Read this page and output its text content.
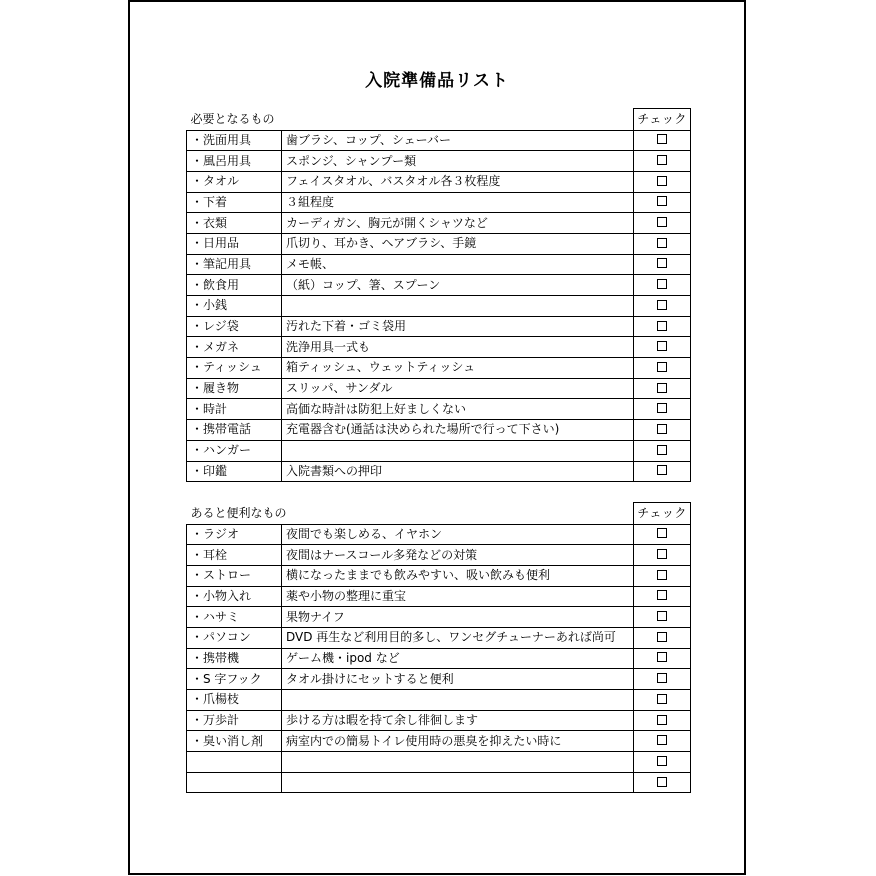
入院準備品リスト
必要となるもの		チェック
・洗面用具	歯ブラシ、コップ、シェーバー	
・風呂用具	スポンジ、シャンプー類	
・タオル	フェイスタオル、バスタオル各３枚程度	
・下着	３組程度	
・衣類	カーディガン、胸元が開くシャツなど	
・日用品	爪切り、耳かき、ヘアブラシ、手鏡	
・筆記用具	メモ帳、	
・飲食用	（紙）コップ、箸、スプーン	
・小銭		
・レジ袋	汚れた下着・ゴミ袋用	
・メガネ	洗浄用具一式も	
・ティッシュ	箱ティッシュ、ウェットティッシュ	
・履き物	スリッパ、サンダル	
・時計	高価な時計は防犯上好ましくない	
・携帯電話	充電器含む(通話は決められた場所で行って下さい)	
・ハンガー		
・印鑑	入院書類への押印	
あると便利なもの		チェック
・ラジオ	夜間でも楽しめる、イヤホン	
・耳栓	夜間はナースコール多発などの対策	
・ストロー	横になったままでも飲みやすい、吸い飲みも便利	
・小物入れ	薬や小物の整理に重宝	
・ハサミ	果物ナイフ	
・パソコン	DVD 再生など利用目的多し、ワンセグチューナーあれば尚可	
・携帯機	ゲーム機・ipod など	
・S 字フック	タオル掛けにセットすると便利	
・爪楊枝		
・万歩計	歩ける方は暇を持て余し徘徊します	
・臭い消し剤	病室内での簡易トイレ使用時の悪臭を抑えたい時に	
